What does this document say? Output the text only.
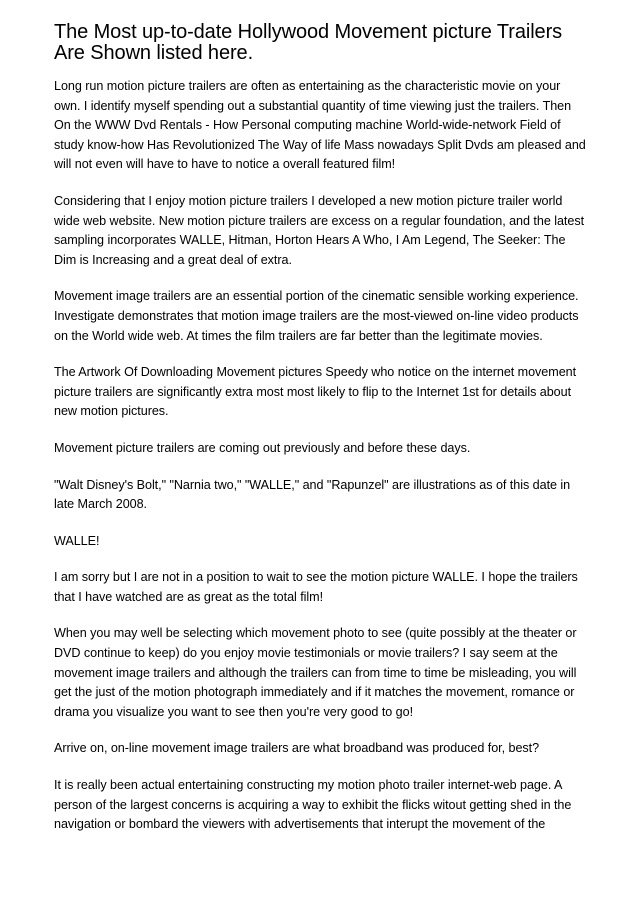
The Most up-to-date Hollywood Movement picture Trailers Are Shown listed here.

Long run motion picture trailers are often as entertaining as the characteristic movie on your own. I identify myself spending out a substantial quantity of time viewing just the trailers. Then On the WWW Dvd Rentals - How Personal computing machine World-wide-network Field of study know-how Has Revolutionized The Way of life Mass nowadays Split Dvds am pleased and will not even will have to have to notice a overall featured film!

Considering that I enjoy motion picture trailers I developed a new motion picture trailer world wide web website. New motion picture trailers are excess on a regular foundation, and the latest sampling incorporates WALLE, Hitman, Horton Hears A Who, I Am Legend, The Seeker: The Dim is Increasing and a great deal of extra.

Movement image trailers are an essential portion of the cinematic sensible working experience. Investigate demonstrates that motion image trailers are the most-viewed on-line video products on the World wide web. At times the film trailers are far better than the legitimate movies.

The Artwork Of Downloading Movement pictures Speedy who notice on the internet movement picture trailers are significantly extra most most likely to flip to the Internet 1st for details about new motion pictures.

Movement picture trailers are coming out previously and before these days.

"Walt Disney's Bolt," "Narnia two," "WALLE," and "Rapunzel" are illustrations as of this date in late March 2008.

WALLE!

I am sorry but I are not in a position to wait to see the motion picture WALLE. I hope the trailers that I have watched are as great as the total film!

When you may well be selecting which movement photo to see (quite possibly at the theater or DVD continue to keep) do you enjoy movie testimonials or movie trailers? I say seem at the movement image trailers and although the trailers can from time to time be misleading, you will get the just of the motion photograph immediately and if it matches the movement, romance or drama you visualize you want to see then you're very good to go!

Arrive on, on-line movement image trailers are what broadband was produced for, best?

It is really been actual entertaining constructing my motion photo trailer internet-web page. A person of the largest concerns is acquiring a way to exhibit the flicks witout getting shed in the navigation or bombard the viewers with advertisements that interupt the movement of the
